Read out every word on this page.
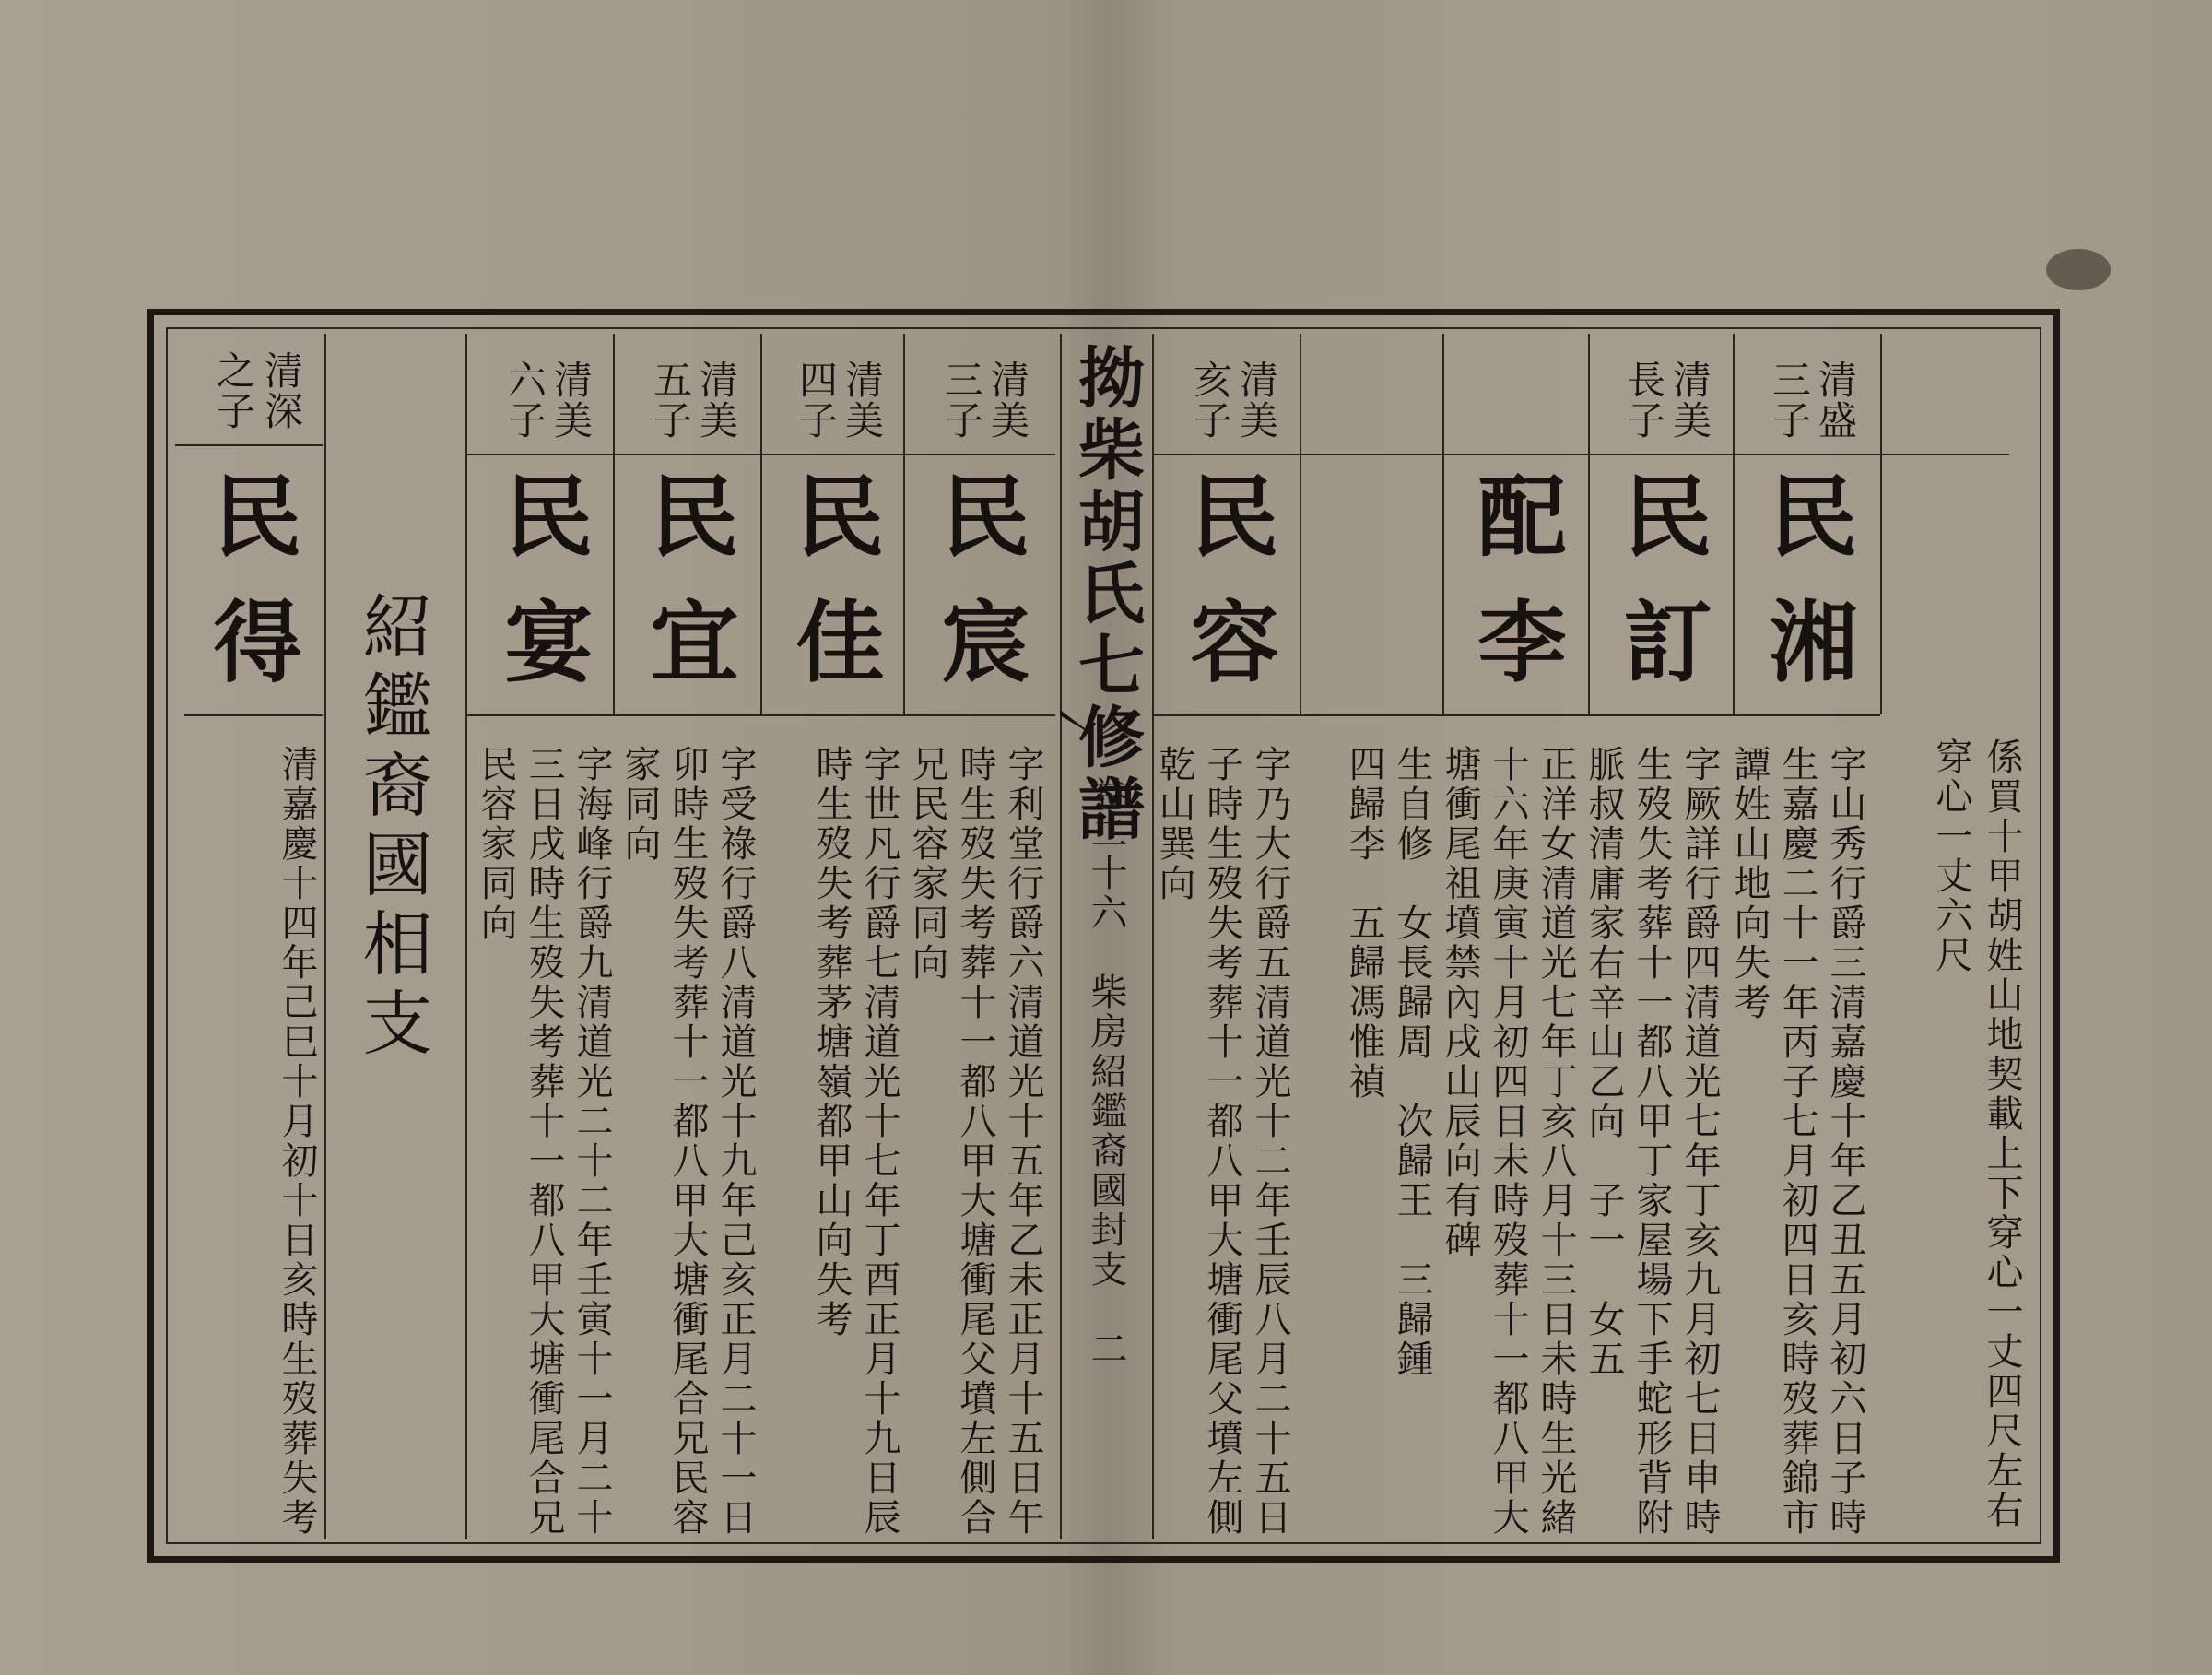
拗柴胡氏七修譜
卷二十六　柴房紹鑑裔國封支　二	係買十甲胡姓山地契載上下穿心一丈四尺左右
穿心一丈六尺
清盛
三子
民湘
字山秀行爵三清嘉慶十年乙丑五月初六日子時
生嘉慶二十一年丙子七月初四日亥時歿葬錦市
譚姓山地向失考
清美
長子
民訂
字厥詳行爵四清道光七年丁亥九月初七日申時
生歿失考葬十一都八甲丁家屋場下手蛇形背附
脈叔清庸家右辛山乙向　子一　女五
配李
正洋女清道光七年丁亥八月十三日未時生光緒
十六年庚寅十月初四日未時歿葬十一都八甲大
塘衝尾祖墳禁內戌山辰向有碑
生自修　女長歸周　次歸王　三歸鍾
四歸李　五歸馮惟禎
清美
亥子
民容
字乃大行爵五清道光十二年壬辰八月二十五日
子時生歿失考葬十一都八甲大塘衝尾父墳左側
乾山巽向
清美
三子
民宸
字利堂行爵六清道光十五年乙未正月十五日午
時生歿失考葬十一都八甲大塘衝尾父墳左側合
兄民容家同向
清美
四子
民佳
字世凡行爵七清道光十七年丁酉正月十九日辰
時生歿失考葬茅塘嶺都甲山向失考
清美
五子
民宜
字受祿行爵八清道光十九年己亥正月二十一日
卯時生歿失考葬十一都八甲大塘衝尾合兄民容
家同向
清美
六子
民宴
字海峰行爵九清道光二十二年壬寅十一月二十
三日戌時生歿失考葬十一都八甲大塘衝尾合兄
民容家同向
紹鑑裔國相支
清深
之子
民得
清嘉慶十四年己巳十月初十日亥時生歿葬失考
